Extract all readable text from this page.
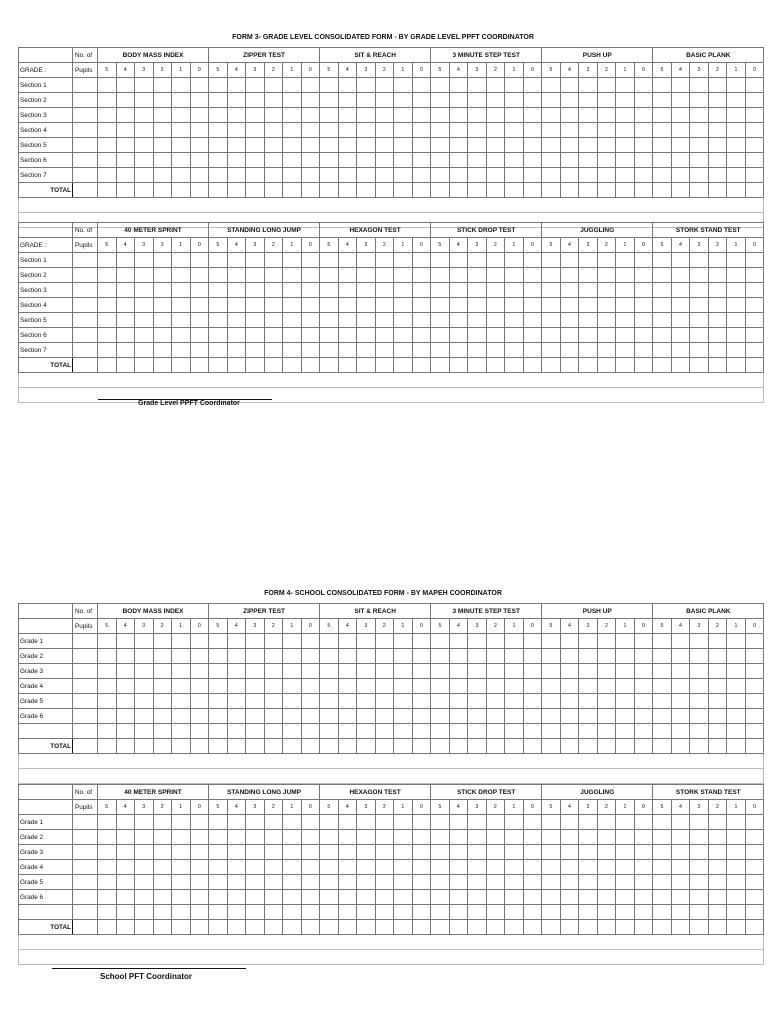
FORM 3- GRADE LEVEL CONSOLIDATED FORM - BY GRADE LEVEL PPFT COORDINATOR
	No. of	BODY MASS INDEX						ZIPPER TEST						SIT & REACH						3 MINUTE STEP TEST						PUSH UP						BASIC PLANK					
GRADE :	Pupils	5	4	3	2	1	0	5	4	3	2	1	0	5	4	3	2	1	0	5	4	3	2	1	0	5	4	3	2	1	0	5	4	3	2	1	0
Section 1																																					
Section 2																																					
Section 3																																					
Section 4																																					
Section 5																																					
Section 6																																					
Section 7																																					
TOTAL																																					

	No. of	40 METER SPRINT						STANDING LONG JUMP						HEXAGON TEST						STICK DROP TEST						JUGGLING						STORK STAND TEST					
GRADE :	Pupils	5	4	3	2	1	0	5	4	3	2	1	0	5	4	3	2	1	0	5	4	3	2	1	0	5	4	3	2	1	0	5	4	3	2	1	0
Section 1																																					
Section 2																																					
Section 3																																					
Section 4																																					
Section 5																																					
Section 6																																					
Section 7																																					
TOTAL																																					

Grade Level PPFT Coordinator
FORM 4- SCHOOL CONSOLIDATED FORM - BY MAPEH COORDINATOR
	No. of	BODY MASS INDEX						ZIPPER TEST						SIT & REACH						3 MINUTE STEP TEST						PUSH UP						BASIC PLANK					
	Pupils	5	4	3	2	1	0	5	4	3	2	1	0	5	4	3	2	1	0	5	4	3	2	1	0	5	4	3	2	1	0	5	4	3	2	1	0
Grade 1																																					
Grade 2																																					
Grade 3																																					
Grade 4																																					
Grade 5																																					
Grade 6																																					

TOTAL																																					

	No. of	40 METER SPRINT						STANDING LONG JUMP						HEXAGON TEST						STICK DROP TEST						JUGGLING						STORK STAND TEST					
	Pupils	5	4	3	2	1	0	5	4	3	2	1	0	5	4	3	2	1	0	5	4	3	2	1	0	5	4	3	2	1	0	5	4	3	2	1	0
Grade 1																																					
Grade 2																																					
Grade 3																																					
Grade 4																																					
Grade 5																																					
Grade 6																																					

TOTAL																																					

School PFT Coordinator
